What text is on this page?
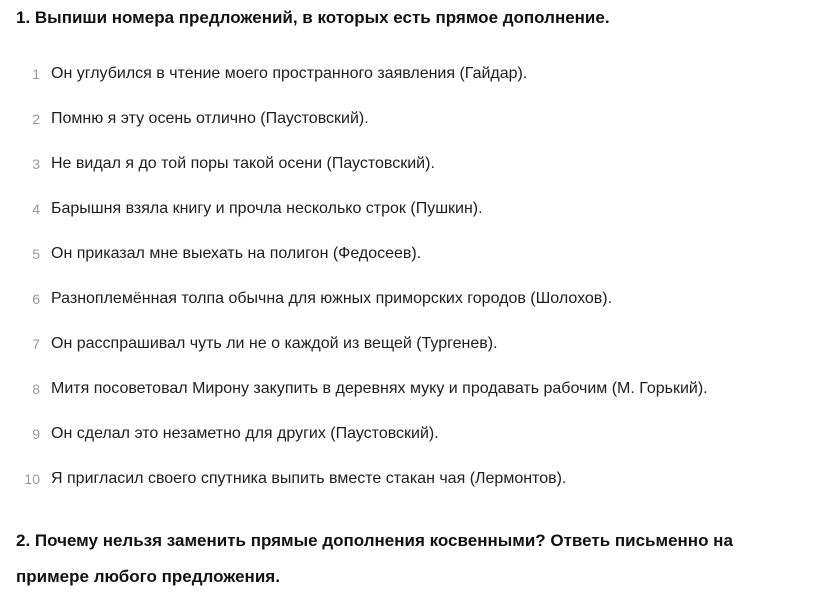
1. Выпиши номера предложений, в которых есть прямое дополнение.
1 Он углубился в чтение моего пространного заявления (Гайдар).
2 Помню я эту осень отлично (Паустовский).
3 Не видал я до той поры такой осени (Паустовский).
4 Барышня взяла книгу и прочла несколько строк (Пушкин).
5 Он приказал мне выехать на полигон (Федосеев).
6 Разноплемённая толпа обычна для южных приморских городов (Шолохов).
7 Он расспрашивал чуть ли не о каждой из вещей (Тургенев).
8 Митя посоветовал Мирону закупить в деревнях муку и продавать рабочим (М. Горький).
9 Он сделал это незаметно для других (Паустовский).
10 Я пригласил своего спутника выпить вместе стакан чая (Лермонтов).
2. Почему нельзя заменить прямые дополнения косвенными? Ответь письменно на примере любого предложения.
